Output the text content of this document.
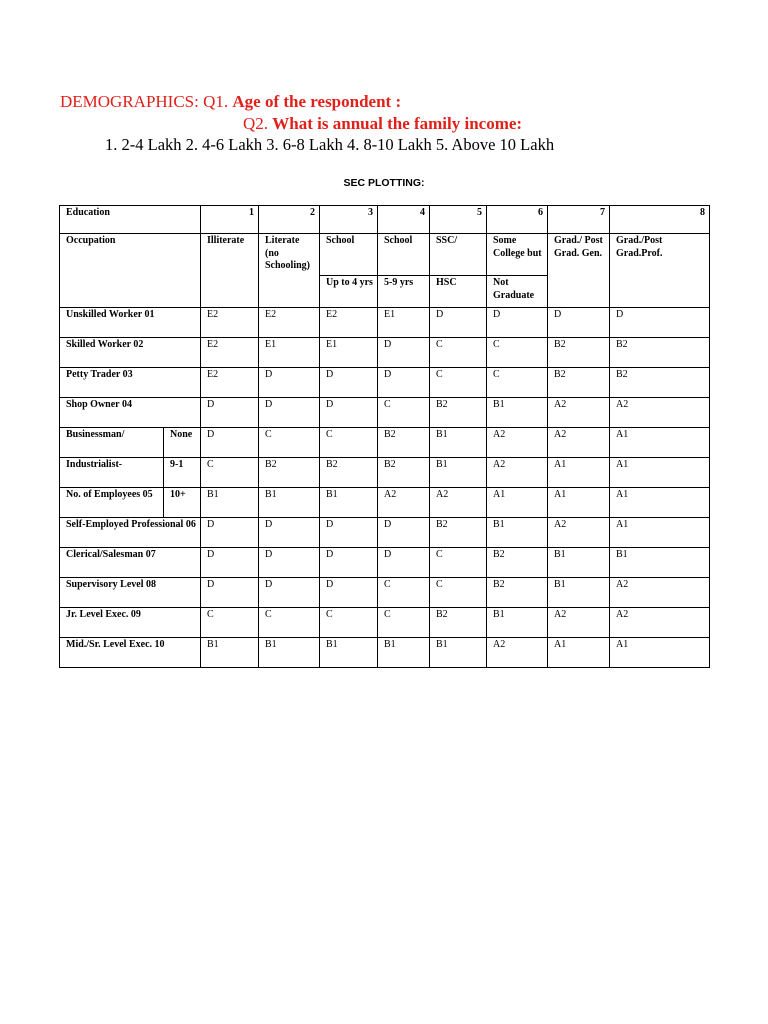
DEMOGRAPHICS: Q1. Age of the respondent :
Q2. What is annual the family income:
1. 2-4 Lakh 2. 4-6 Lakh 3. 6-8 Lakh 4. 8-10 Lakh 5. Above 10 Lakh
SEC PLOTTING:
Education		1	2	3	4	5	6	7	8
Occupation		Illiterate	Literate (no Schooling)	School	School	SSC/	Some College but	Grad./ Post Grad. Gen.	Grad./Post Grad.Prof.
				Up to 4 yrs	5-9 yrs	HSC	Not Graduate		
Unskilled Worker 01		E2	E2	E2	E1	D	D	D	D
Skilled Worker 02		E2	E1	E1	D	C	C	B2	B2
Petty Trader 03		E2	D	D	D	C	C	B2	B2
Shop Owner 04		D	D	D	C	B2	B1	A2	A2
Businessman/	None	D	C	C	B2	B1	A2	A2	A1
Industrialist-	9-1	C	B2	B2	B2	B1	A2	A1	A1
No. of Employees 05	10+	B1	B1	B1	A2	A2	A1	A1	A1
Self-Employed Professional 06		D	D	D	D	B2	B1	A2	A1
Clerical/Salesman 07		D	D	D	D	C	B2	B1	B1
Supervisory Level 08		D	D	D	C	C	B2	B1	A2
Jr. Level Exec. 09		C	C	C	C	B2	B1	A2	A2
Mid./Sr. Level Exec. 10		B1	B1	B1	B1	B1	A2	A1	A1
